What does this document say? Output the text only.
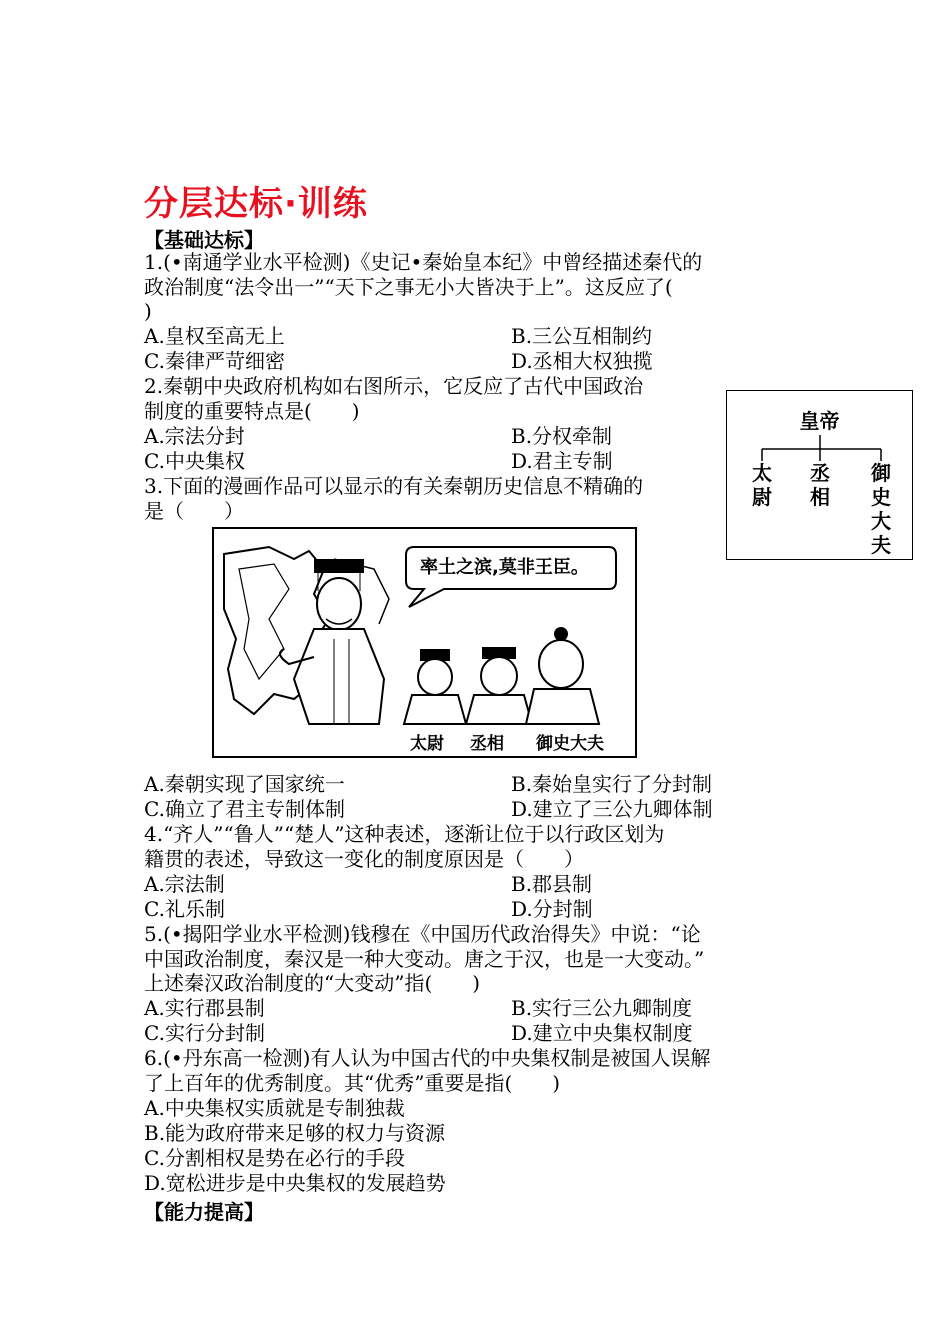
分层达标·训练
【基础达标】
1.(•南通学业水平检测)《史记•秦始皇本纪》中曾经描述秦代的
政治制度“法令出一”“天下之事无小大皆决于上”。这反应了(
)
A.皇权至高无上	B.三公互相制约
C.秦律严苛细密	D.丞相大权独揽
2.秦朝中央政府机构如右图所示，它反应了古代中国政治
制度的重要特点是(　　)
A.宗法分封	B.分权牵制
C.中央集权	D.君主专制
皇帝
太尉
丞相
御史大夫
3.下面的漫画作品可以显示的有关秦朝历史信息不精确的
是（　　）
率土之滨,莫非王臣。
太尉 丞相 御史大夫
A.秦朝实现了国家统一	B.秦始皇实行了分封制
C.确立了君主专制体制	D.建立了三公九卿体制
4.“齐人”“鲁人”“楚人”这种表述，逐渐让位于以行政区划为
籍贯的表述，导致这一变化的制度原因是（　　）
A.宗法制	B.郡县制
C.礼乐制	D.分封制
5.(•揭阳学业水平检测)钱穆在《中国历代政治得失》中说：“论
中国政治制度，秦汉是一种大变动。唐之于汉，也是一大变动。”
上述秦汉政治制度的“大变动”指(　　)
A.实行郡县制	B.实行三公九卿制度
C.实行分封制	D.建立中央集权制度
6.(•丹东高一检测)有人认为中国古代的中央集权制是被国人误解
了上百年的优秀制度。其“优秀”重要是指(　　)
A.中央集权实质就是专制独裁
B.能为政府带来足够的权力与资源
C.分割相权是势在必行的手段
D.宽松进步是中央集权的发展趋势
【能力提高】
